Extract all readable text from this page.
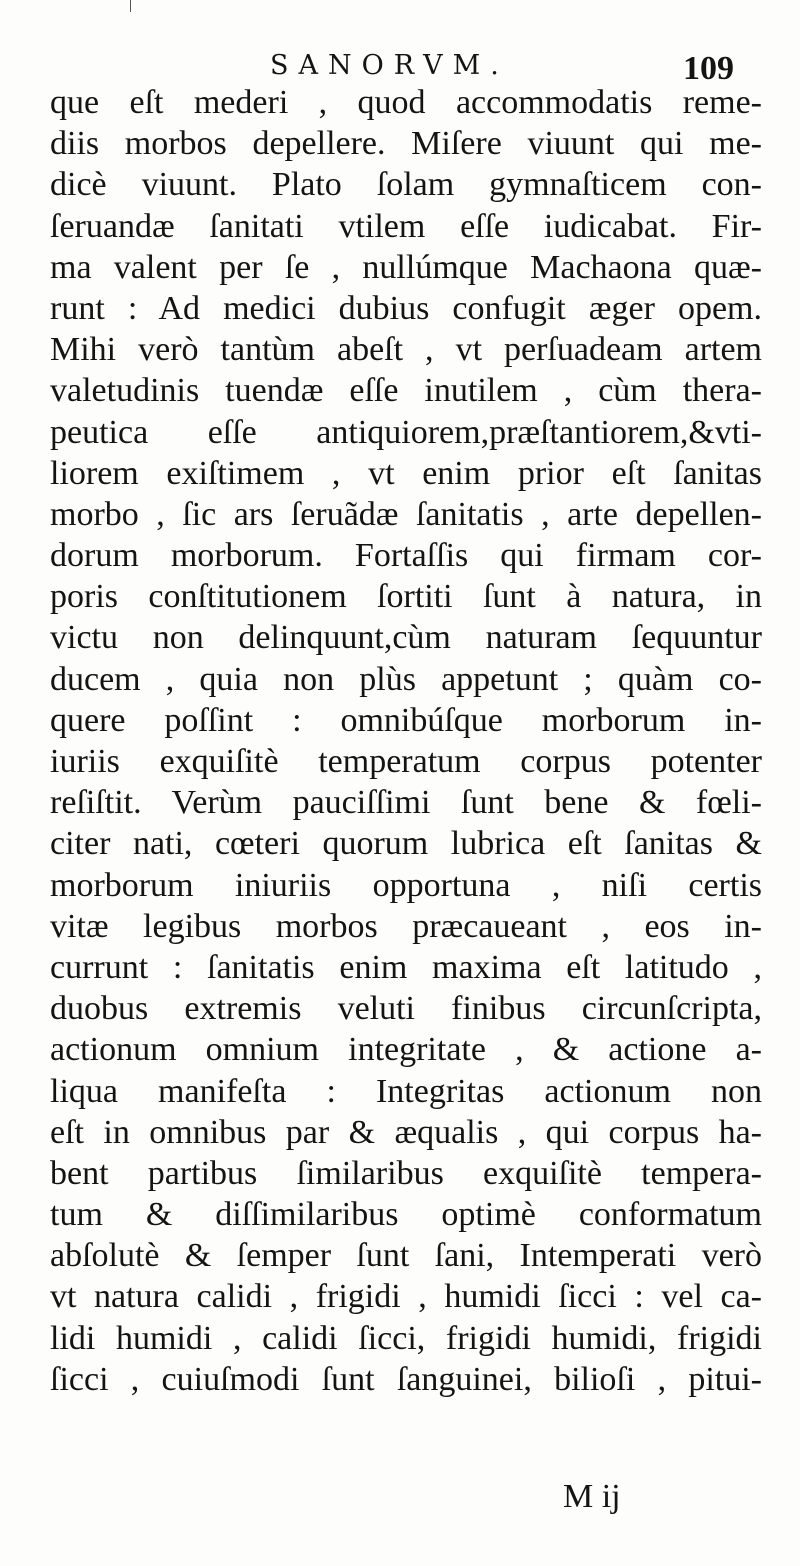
SANORVM.	109
que eſt mederi , quod accommodatis reme-
diis morbos depellere. Miſere viuunt qui me-
dicè viuunt. Plato ſolam gymnaſticem con-
ſeruandæ ſanitati vtilem eſſe iudicabat. Fir-
ma valent per ſe , nullúmque Machaona quæ-
runt : Ad medici dubius confugit æger opem.
Mihi verò tantùm abeſt , vt perſuadeam artem
valetudinis tuendæ eſſe inutilem , cùm thera-
peutica eſſe antiquiorem,præſtantiorem,&vti-
liorem exiſtimem , vt enim prior eſt ſanitas
morbo , ſic ars ſeruãdæ ſanitatis , arte depellen-
dorum morborum. Fortaſſis qui firmam cor-
poris conſtitutionem ſortiti ſunt à natura, in
victu non delinquunt,cùm naturam ſequuntur
ducem , quia non plùs appetunt ; quàm co-
quere poſſint : omnibúſque morborum in-
iuriis exquiſitè temperatum corpus potenter
reſiſtit. Verùm pauciſſimi ſunt bene & fœli-
citer nati, cœteri quorum lubrica eſt ſanitas &
morborum iniuriis opportuna , niſi certis
vitæ legibus morbos præcaueant , eos in-
currunt : ſanitatis enim maxima eſt latitudo ,
duobus extremis veluti finibus circunſcripta,
actionum omnium integritate , & actione a-
liqua manifeſta : Integritas actionum non
eſt in omnibus par & æqualis , qui corpus ha-
bent partibus ſimilaribus exquiſitè tempera-
tum & diſſimilaribus optimè conformatum
abſolutè & ſemper ſunt ſani, Intemperati verò
vt natura calidi , frigidi , humidi ſicci : vel ca-
lidi humidi , calidi ſicci, frigidi humidi, frigidi
ſicci , cuiuſmodi ſunt ſanguinei, bilioſi , pitui-
M ij
